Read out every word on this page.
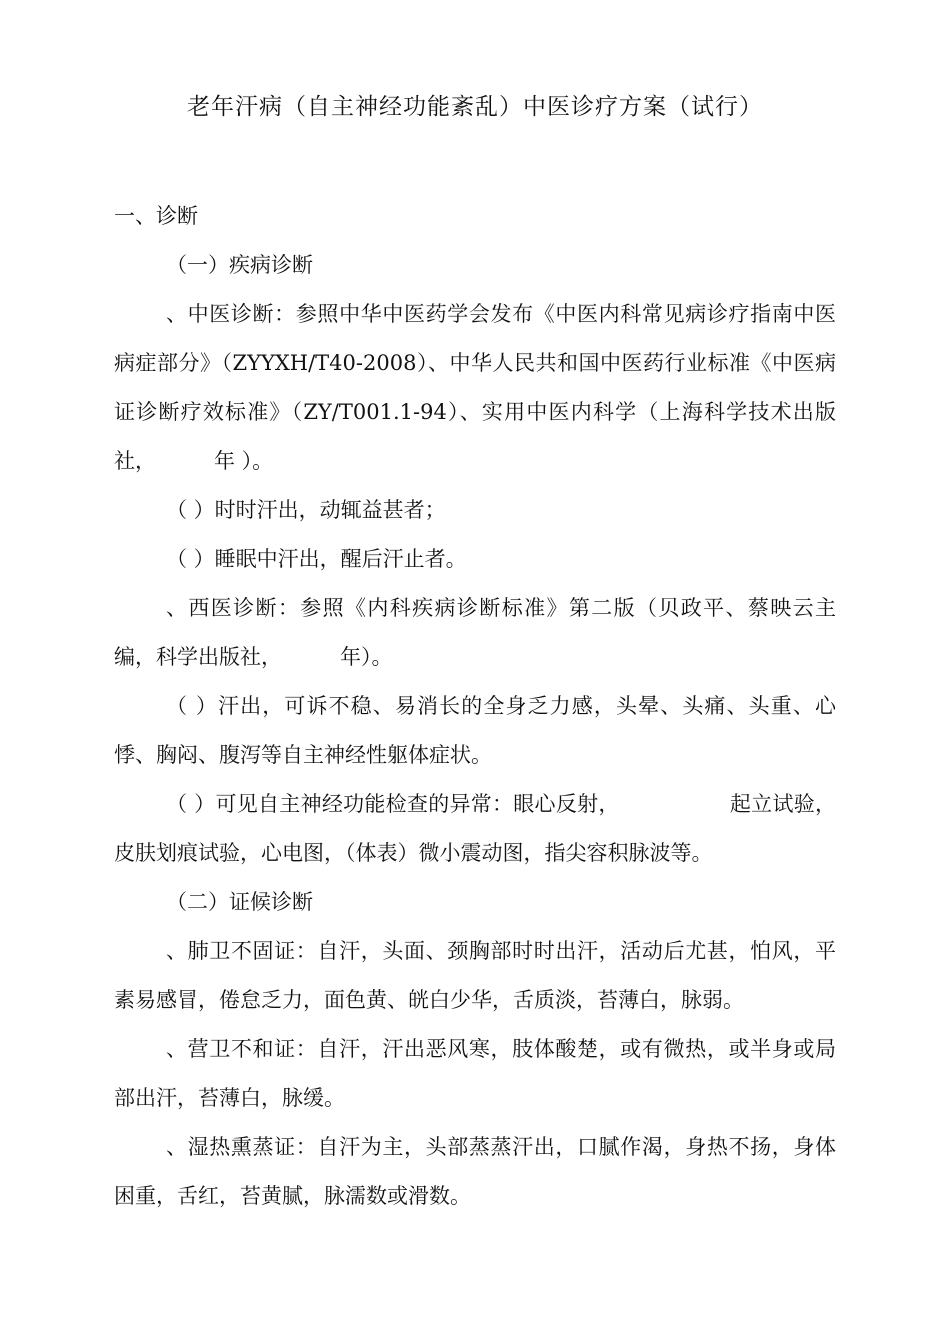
老年汗病（自主神经功能紊乱）中医诊疗方案（试行）

一、诊断

（一）疾病诊断

、中医诊断：参照中华中医药学会发布《中医内科常见病诊疗指南中医病症部分》（ZYYXH/T40-2008）、中华人民共和国中医药行业标准《中医病证诊断疗效标准》（ZY/T001.1-94）、实用中医内科学（上海科学技术出版社，	年 ）。

（ ）时时汗出，动辄益甚者；

（ ）睡眠中汗出，醒后汗止者。

、西医诊断：参照《内科疾病诊断标准》第二版（贝政平、蔡映云主编，科学出版社，	年）。

（ ）汗出，可诉不稳、易消长的全身乏力感，头晕、头痛、头重、心悸、胸闷、腹泻等自主神经性躯体症状。

（ ）可见自主神经功能检查的异常：眼心反射，	起立试验，皮肤划痕试验，心电图，（体表）微小震动图，指尖容积脉波等。

（二）证候诊断

、肺卫不固证：自汗，头面、颈胸部时时出汗，活动后尤甚，怕风，平素易感冒，倦怠乏力，面色黄、㿠白少华，舌质淡，苔薄白，脉弱。

、营卫不和证：自汗，汗出恶风寒，肢体酸楚，或有微热，或半身或局部出汗，苔薄白，脉缓。

、湿热熏蒸证：自汗为主，头部蒸蒸汗出，口腻作渴，身热不扬，身体困重，舌红，苔黄腻，脉濡数或滑数。
